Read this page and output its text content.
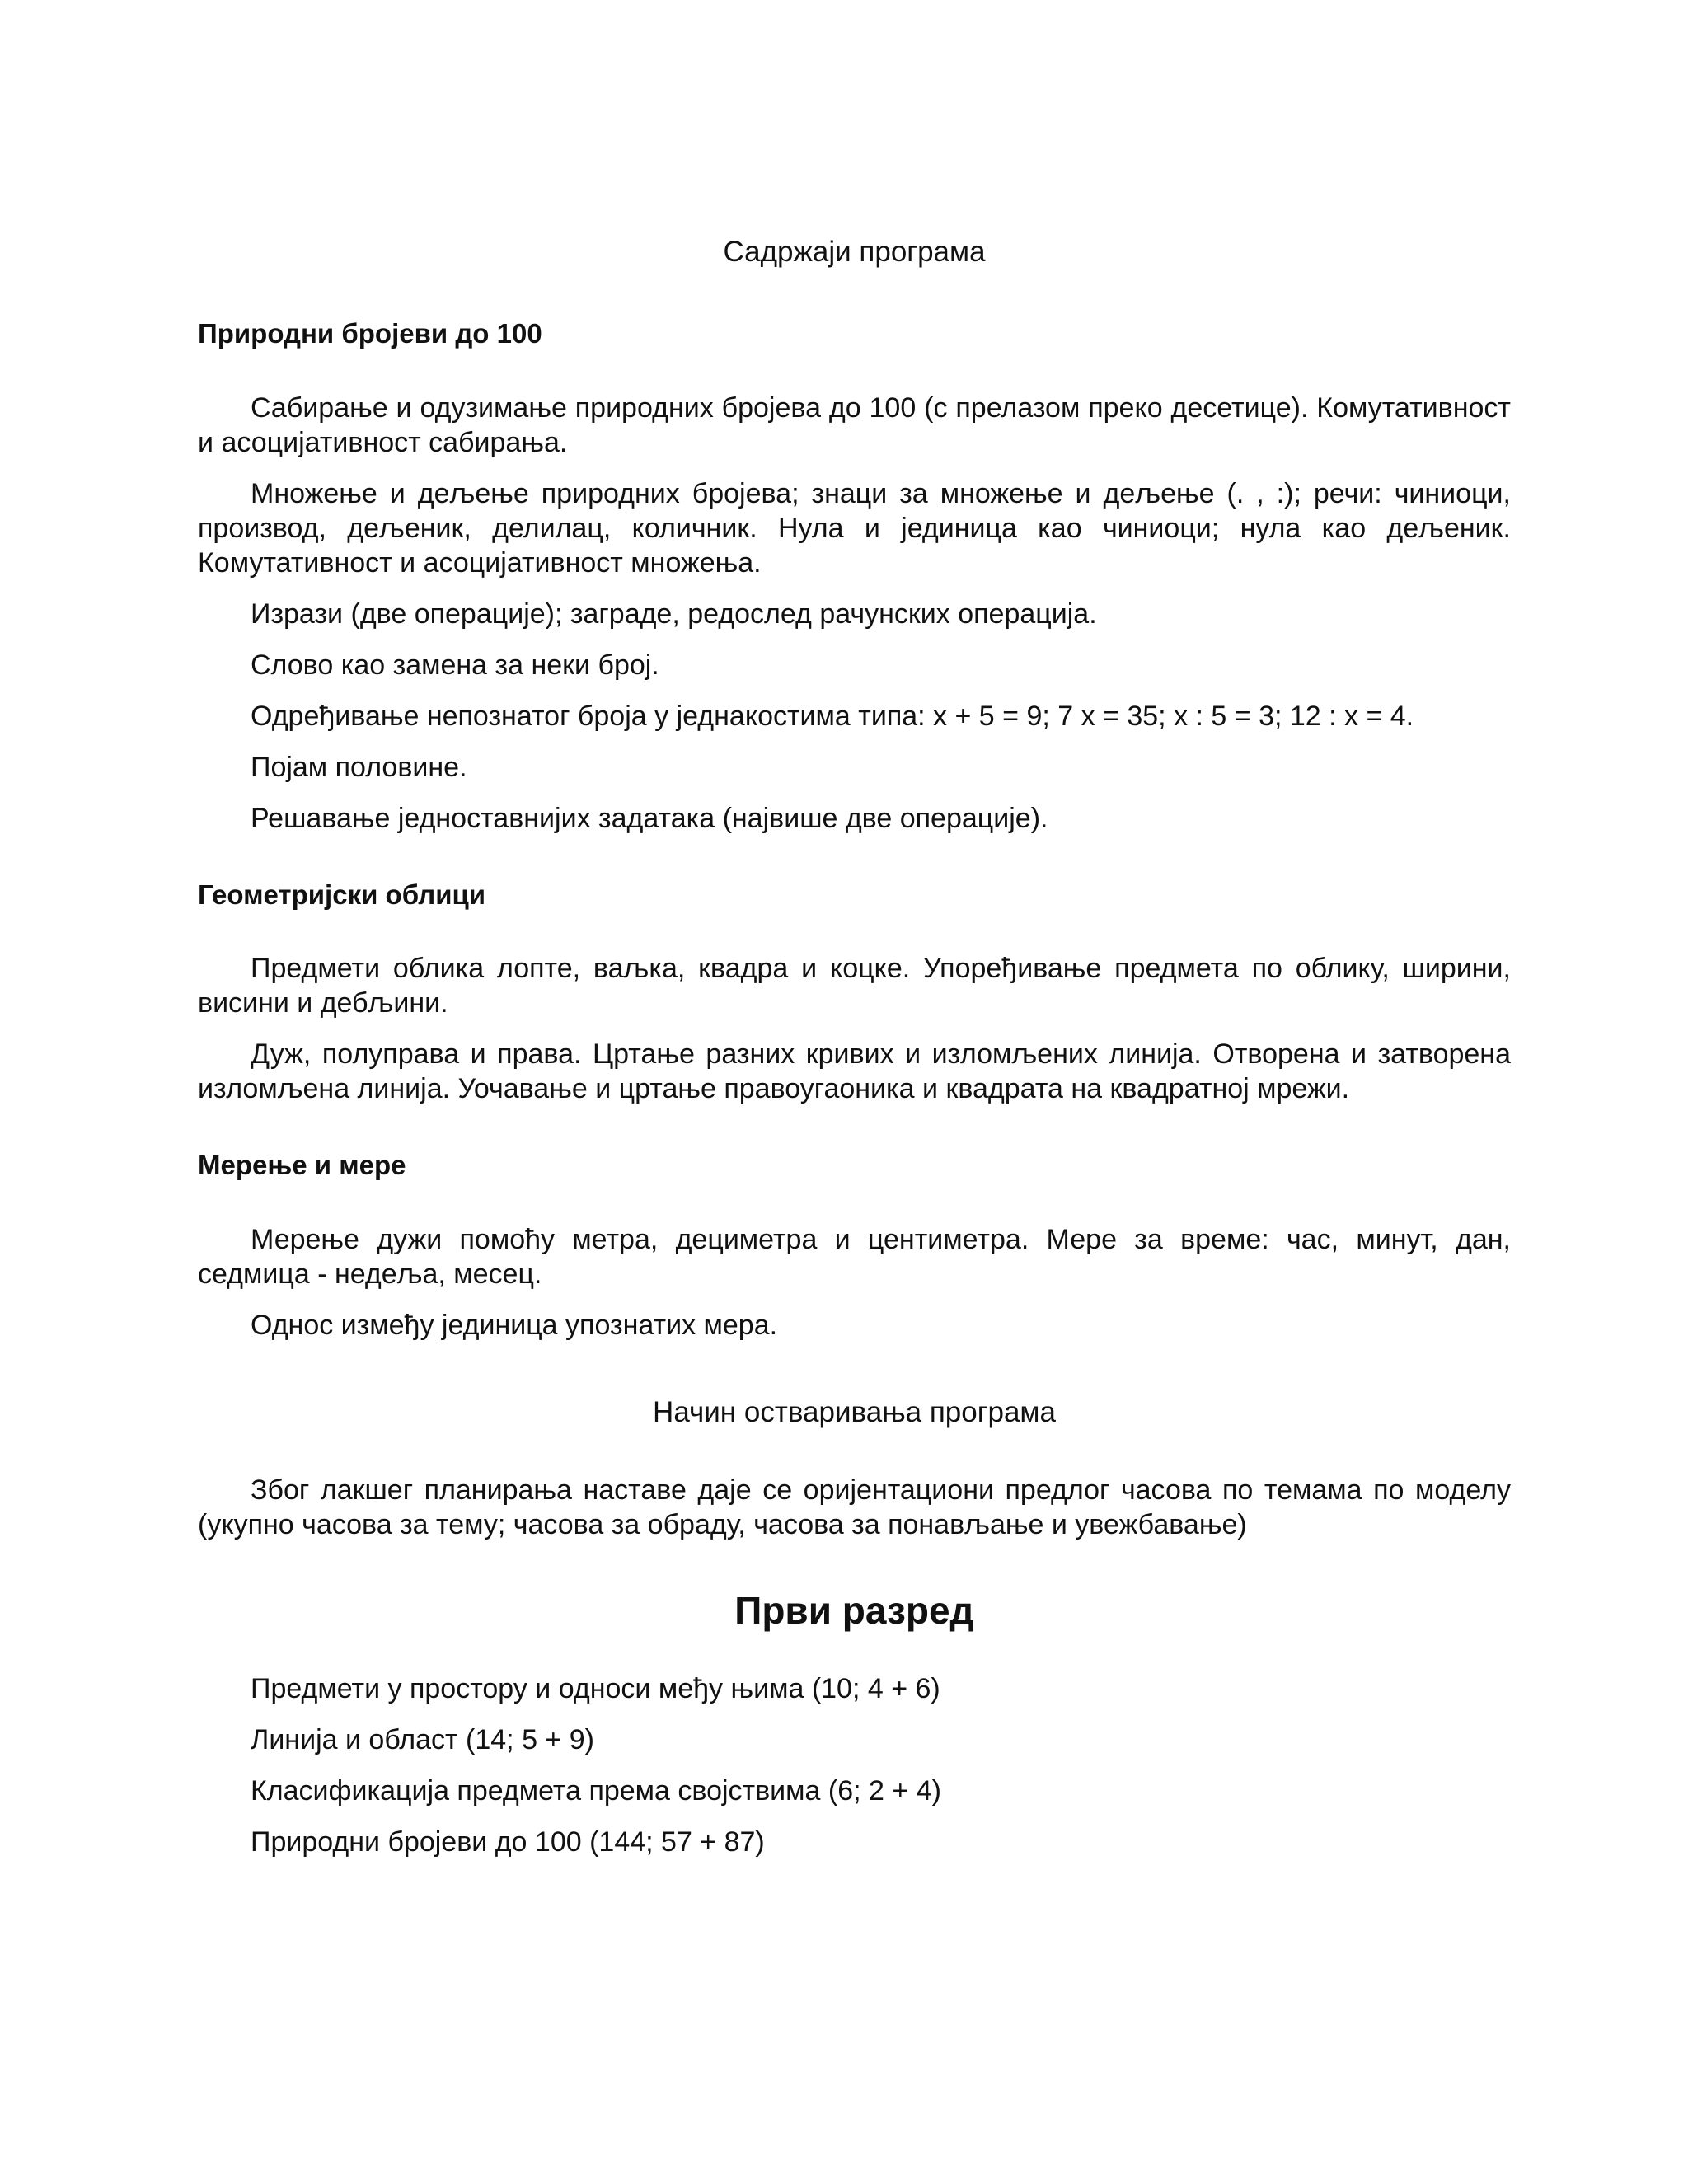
Садржаји програма
Природни бројеви до 100

Сабирање и одузимање природних бројева до 100 (с прелазом преко десетице). Комутативност и асоцијативност сабирања.

Множење и дељење природних бројева; знаци за множење и дељење (. , :); речи: чиниоци, производ, дељеник, делилац, количник. Нула и јединица као чиниоци; нула као дељеник. Комутативност и асоцијативност множења.

Изрази (две операције); заграде, редослед рачунских операција.

Слово као замена за неки број.

Одређивање непознатог броја у једнакостима типа: x + 5 = 9; 7 x = 35; x : 5 = 3; 12 : x = 4.

Појам половине.

Решавање једноставнијих задатака (највише две операције).

Геометријски облици

Предмети облика лопте, ваљка, квадра и коцке. Упоређивање предмета по облику, ширини, висини и дебљини.

Дуж, полуправа и права. Цртање разних кривих и изломљених линија. Отворена и затворена изломљена линија. Уочавање и цртање правоугаоника и квадрата на квадратној мрежи.

Мерење и мере

Мерење дужи помоћу метра, дециметра и центиметра. Мере за време: час, минут, дан, седмица - недеља, месец.

Однос између јединица упознатих мера.

Начин остваривања програма

Због лакшег планирања наставе даје се оријентациони предлог часова по темама по моделу (укупно часова за тему; часова за обраду, часова за понављање и увежбавање)

Први разред

Предмети у простору и односи међу њима (10; 4 + 6)

Линија и област (14; 5 + 9)

Класификација предмета према својствима (6; 2 + 4)

Природни бројеви до 100 (144; 57 + 87)
